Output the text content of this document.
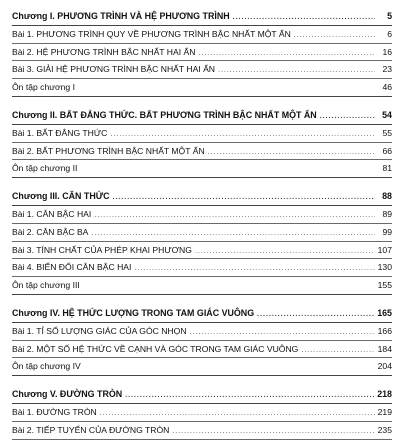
Chương I. PHƯƠNG TRÌNH VÀ HỆ PHƯƠNG TRÌNH .....	5
Bài 1. PHƯƠNG TRÌNH QUY VỀ PHƯƠNG TRÌNH BẬC NHẤT MỘT ẨN .....	6
Bài 2. HỆ PHƯƠNG TRÌNH BẬC NHẤT HAI ẨN .....	16
Bài 3. GIẢI HỆ PHƯƠNG TRÌNH BẬC NHẤT HAI ẨN .....	23
Ôn tập chương I	46
Chương II. BẤT ĐẲNG THỨC. BẤT PHƯƠNG TRÌNH BẬC NHẤT MỘT ẨN .....	54
Bài 1. BẤT ĐẲNG THỨC .....	55
Bài 2. BẤT PHƯƠNG TRÌNH BẬC NHẤT MỘT ẨN .....	66
Ôn tập chương II	81
Chương III. CĂN THỨC .....	88
Bài 1. CĂN BẬC HAI .....	89
Bài 2. CĂN BẬC BA .....	99
Bài 3. TÍNH CHẤT CỦA PHÉP KHAI PHƯƠNG .....	107
Bài 4. BIẾN ĐỔI CĂN BẬC HAI .....	130
Ôn tập chương III	155
Chương IV. HỆ THỨC LƯỢNG TRONG TAM GIÁC VUÔNG .....	165
Bài 1. TỈ SỐ LƯỢNG GIÁC CỦA GÓC NHỌN .....	166
Bài 2. MỘT SỐ HỆ THỨC VỀ CẠNH VÀ GÓC TRONG TAM GIÁC VUÔNG .....	184
Ôn tập chương IV	204
Chương V. ĐƯỜNG TRÒN .....	218
Bài 1. ĐƯỜNG TRÒN .....	219
Bài 2. TIẾP TUYẾN CỦA ĐƯỜNG TRÒN .....	235
